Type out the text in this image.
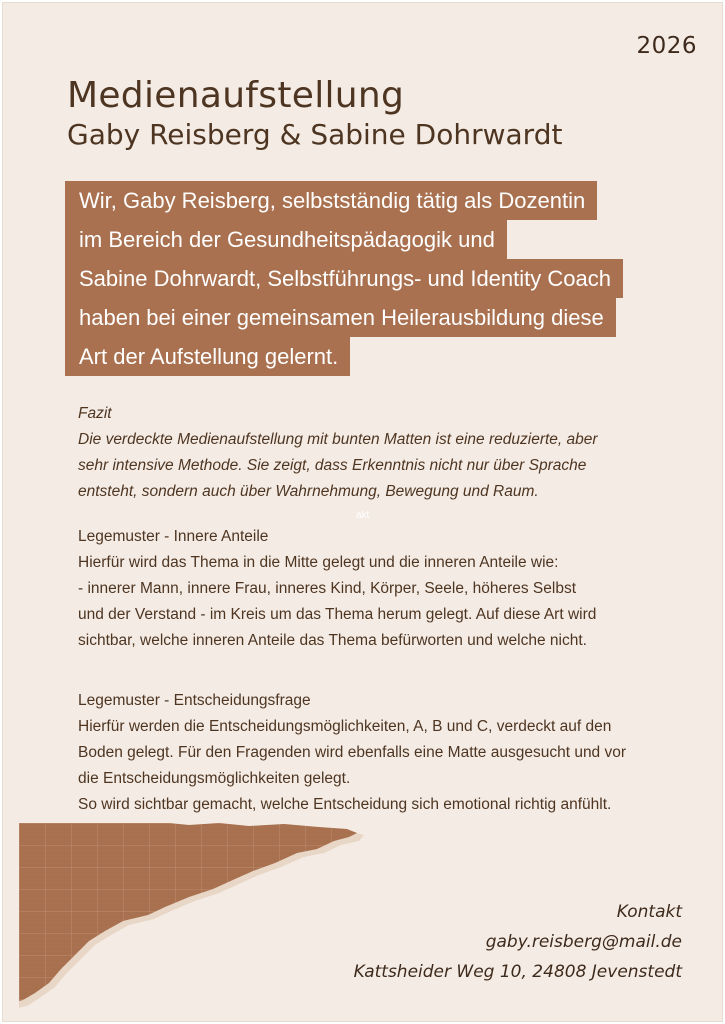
2026
Medienaufstellung
Gaby Reisberg & Sabine Dohrwardt
Wir, Gaby Reisberg, selbstständig tätig als Dozentin
im Bereich der Gesundheitspädagogik und
Sabine Dohrwardt, Selbstführungs- und Identity Coach
haben bei einer gemeinsamen Heilerausbildung diese
Art der Aufstellung gelernt.

Fazit

Die verdeckte Medienaufstellung mit bunten Matten ist eine reduzierte, aber

sehr intensive Methode. Sie zeigt, dass Erkenntnis nicht nur über Sprache

entsteht, sondern auch über Wahrnehmung, Bewegung und Raum.

akt

Legemuster - Innere Anteile

Hierfür wird das Thema in die Mitte gelegt und die inneren Anteile wie:

- innerer Mann, innere Frau, inneres Kind, Körper, Seele, höheres Selbst

und der Verstand - im Kreis um das Thema herum gelegt. Auf diese Art wird

sichtbar, welche inneren Anteile das Thema befürworten und welche nicht.

Legemuster - Entscheidungsfrage

Hierfür werden die Entscheidungsmöglichkeiten, A, B und C, verdeckt auf den

Boden gelegt. Für den Fragenden wird ebenfalls eine Matte ausgesucht und vor

die Entscheidungsmöglichkeiten gelegt.

So wird sichtbar gemacht, welche Entscheidung sich emotional richtig anfühlt.

Kontakt

gaby.reisberg@mail.de

Kattsheider Weg 10, 24808 Jevenstedt
